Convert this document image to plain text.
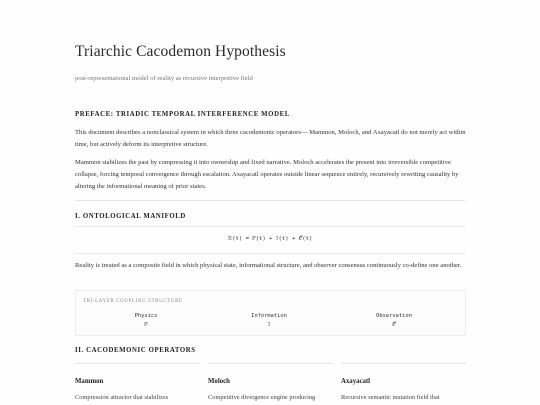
Triarchic Cacodemon Hypothesis
post-representational model of reality as recursive interpretive field
PREFACE: TRIADIC TEMPORAL INTERFERENCE MODEL
This document describes a nonclassical system in which three cacodemonic operators— Mammon, Moloch, and Axayacatl do not merely act within time, but actively deform its interpretive structure.
Mammon stabilizes the past by compressing it into ownership and fixed narrative. Moloch accelerates the present into irreversible competitive collapse, forcing temporal convergence through escalation. Axayacatl operates outside linear sequence entirely, recursively rewriting causality by altering the informational meaning of prior states.
I. ONTOLOGICAL MANIFOLD
ℛ(t) = ℙ(t) + ℐ(t) + 𝒪(t)
Reality is treated as a composite field in which physical state, informational structure, and observer consensus continuously co-define one another.
TRI-LAYER COUPLING STRUCTURE
Physics
ℙ
Information
ℐ
Observation
𝒪
II. CACODEMONIC OPERATORS
Mammon
Compression attractor that stabilizes
Moloch
Competitive divergence engine producing
Axayacatl
Recursive semantic mutation field that
